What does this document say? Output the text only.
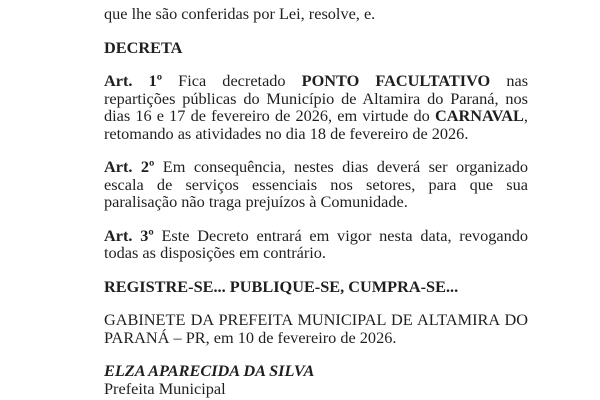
que lhe são conferidas por Lei, resolve, e.

DECRETA

Art. 1º Fica decretado PONTO FACULTATIVO nas repartições públicas do Município de Altamira do Paraná, nos dias 16 e 17 de fevereiro de 2026, em virtude do CARNAVAL, retomando as atividades no dia 18 de fevereiro de 2026.

Art. 2º Em consequência, nestes dias deverá ser organizado escala de serviços essenciais nos setores, para que sua paralisação não traga prejuízos à Comunidade.

Art. 3º Este Decreto entrará em vigor nesta data, revogando todas as disposições em contrário.

REGISTRE-SE... PUBLIQUE-SE, CUMPRA-SE...

GABINETE DA PREFEITA MUNICIPAL DE ALTAMIRA DO PARANÁ – PR, em 10 de fevereiro de 2026.

ELZA APARECIDA DA SILVA
Prefeita Municipal
